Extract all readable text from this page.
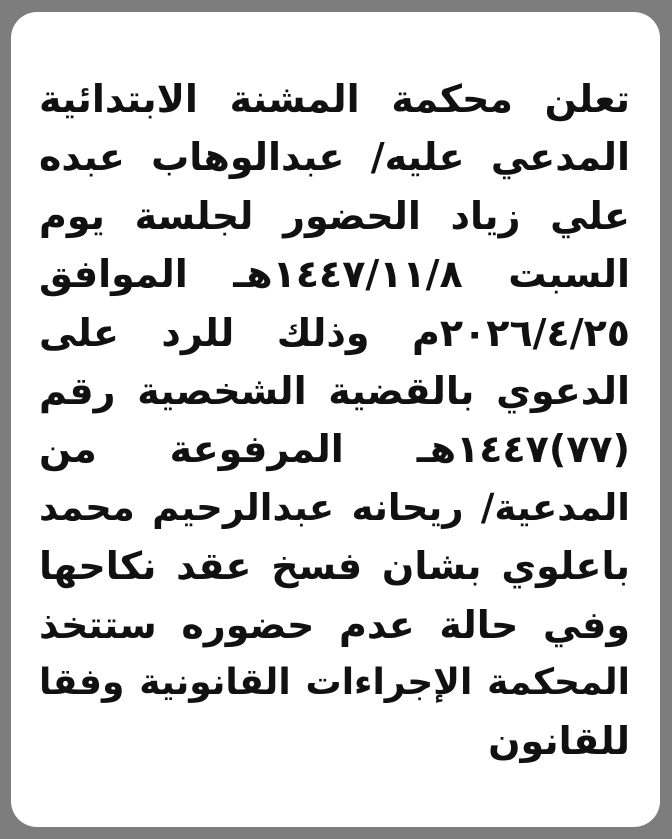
تعلن محكمة المشنة الابتدائية
المدعي عليه/ عبدالوهاب عبده
علي زياد الحضور لجلسة يوم
السبت ١٤٤٧/١١/٨هـ الموافق
٢٠٢٦/٤/٢٥م وذلك للرد على
الدعوي بالقضية الشخصية رقم
(٧٧)١٤٤٧هـ المرفوعة من
المدعية/ ريحانه عبدالرحيم محمد
باعلوي بشان فسخ عقد نكاحها
وفي حالة عدم حضوره ستتخذ
المحكمة الإجراءات القانونية وفقا
للقانون
